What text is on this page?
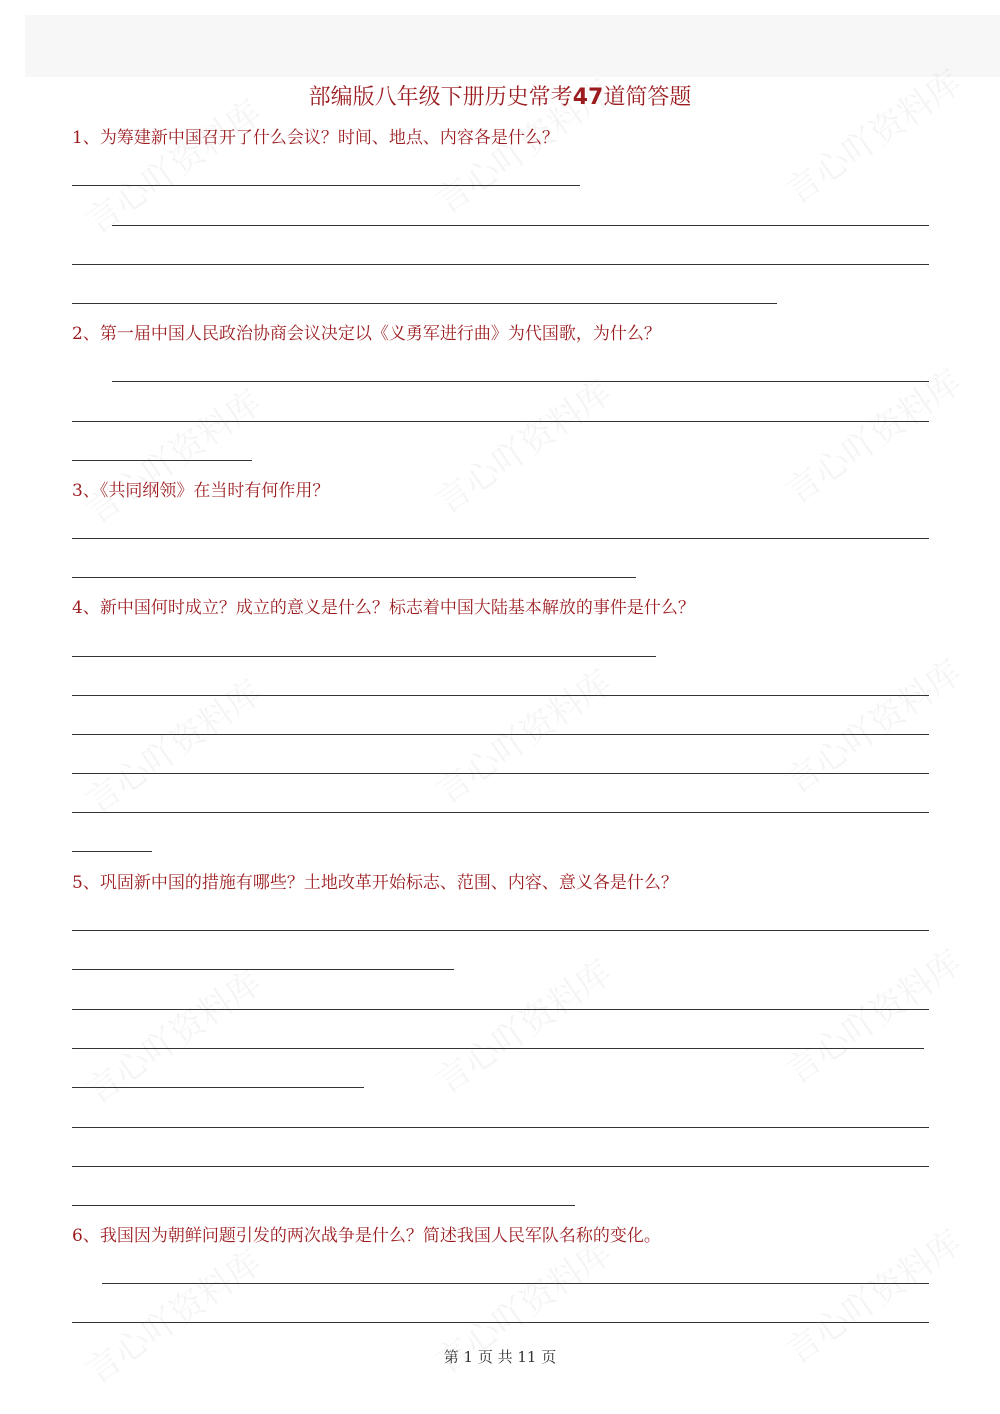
部编版八年级下册历史常考47道简答题
1、为筹建新中国召开了什么会议？时间、地点、内容各是什么？
2、第一届中国人民政治协商会议决定以《义勇军进行曲》为代国歌，为什么？
3、《共同纲领》在当时有何作用？
4、新中国何时成立？成立的意义是什么？标志着中国大陆基本解放的事件是什么？
5、巩固新中国的措施有哪些？土地改革开始标志、范围、内容、意义各是什么？
6、我国因为朝鲜问题引发的两次战争是什么？简述我国人民军队名称的变化。
第 1 页 共 11 页
